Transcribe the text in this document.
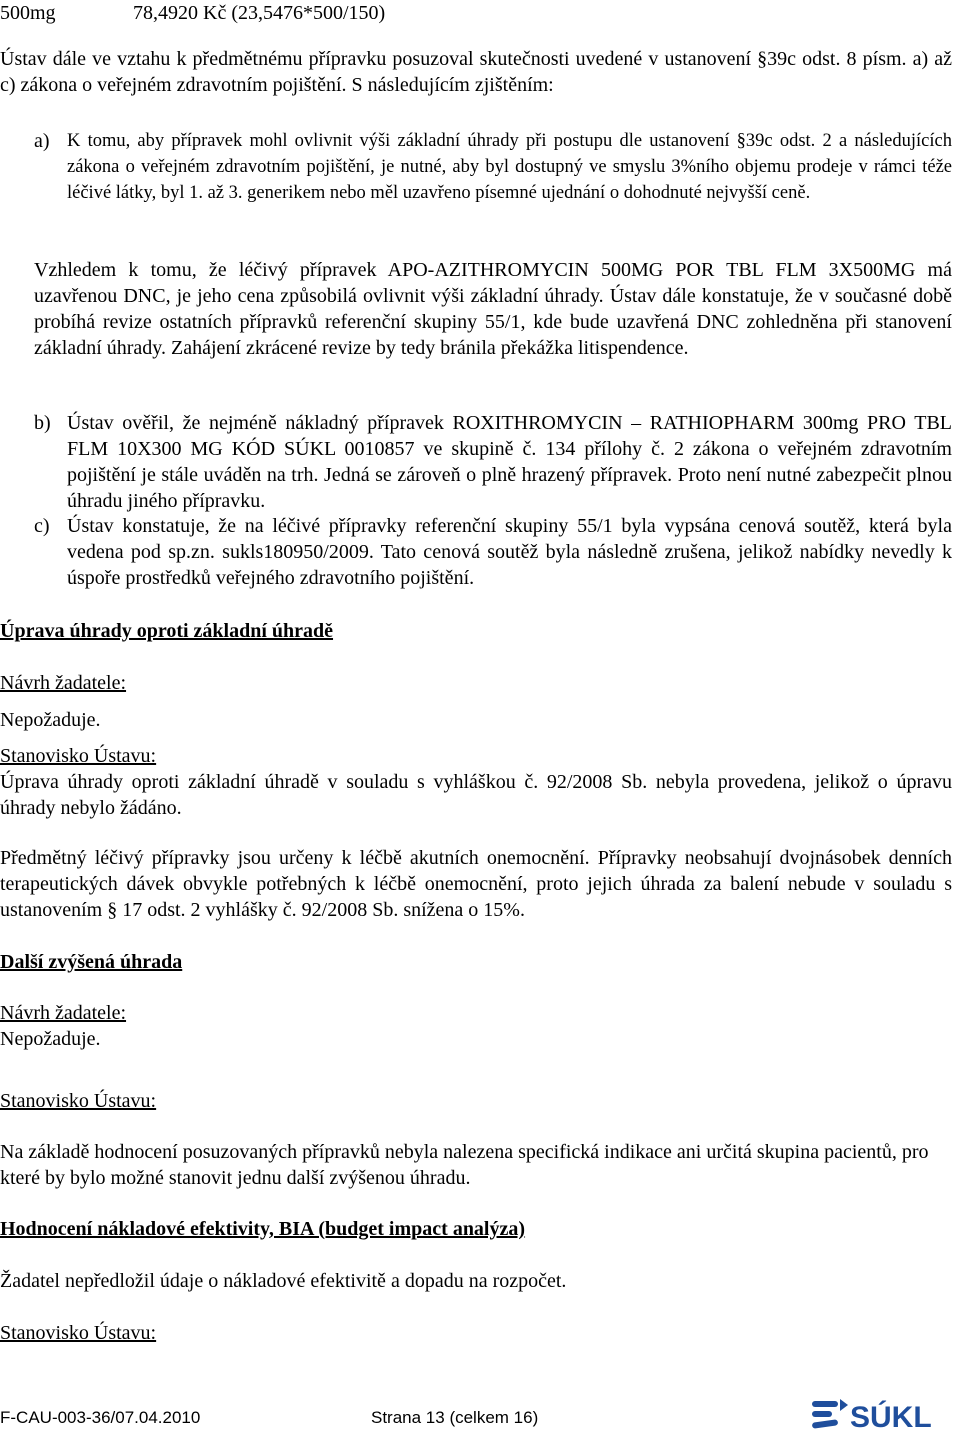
500mg	78,4920 Kč (23,5476*500/150)
Ústav dále ve vztahu k předmětnému přípravku posuzoval skutečnosti uvedené v ustanovení §39c odst. 8 písm. a) až c) zákona o veřejném zdravotním pojištění. S následujícím zjištěním:
a) K tomu, aby přípravek mohl ovlivnit výši základní úhrady při postupu dle ustanovení §39c odst. 2 a následujících zákona o veřejném zdravotním pojištění, je nutné, aby byl dostupný ve smyslu 3%ního objemu prodeje v rámci téže léčivé látky, byl 1. až 3. generikem nebo měl uzavřeno písemné ujednání o dohodnuté nejvyšší ceně.
Vzhledem k tomu, že léčivý přípravek APO-AZITHROMYCIN 500MG POR TBL FLM 3X500MG má uzavřenou DNC, je jeho cena způsobilá ovlivnit výši základní úhrady. Ústav dále konstatuje, že v současné době probíhá revize ostatních přípravků referenční skupiny 55/1, kde bude uzavřená DNC zohledněna při stanovení základní úhrady. Zahájení zkrácené revize by tedy bránila překážka litispendence.
b) Ústav ověřil, že nejméně nákladný přípravek ROXITHROMYCIN – RATHIOPHARM 300mg PRO TBL FLM 10X300 MG KÓD SÚKL 0010857 ve skupině č. 134 přílohy č. 2 zákona o veřejném zdravotním pojištění je stále uváděn na trh. Jedná se zároveň o plně hrazený přípravek. Proto není nutné zabezpečit plnou úhradu jiného přípravku.
c) Ústav konstatuje, že na léčivé přípravky referenční skupiny 55/1 byla vypsána cenová soutěž, která byla vedena pod sp.zn. sukls180950/2009. Tato cenová soutěž byla následně zrušena, jelikož nabídky nevedly k úspoře prostředků veřejného zdravotního pojištění.
Úprava úhrady oproti základní úhradě
Návrh žadatele:
Nepožaduje.
Stanovisko Ústavu:
Úprava úhrady oproti základní úhradě v souladu s vyhláškou č. 92/2008 Sb. nebyla provedena, jelikož o úpravu úhrady nebylo žádáno.
Předmětný léčivý přípravky jsou určeny k léčbě akutních onemocnění. Přípravky neobsahují dvojnásobek denních terapeutických dávek obvykle potřebných k léčbě onemocnění, proto jejich úhrada za balení nebude v souladu s ustanovením § 17 odst. 2 vyhlášky č. 92/2008 Sb. snížena o 15%.
Další zvýšená úhrada
Návrh žadatele:
Nepožaduje.
Stanovisko Ústavu:
Na základě hodnocení posuzovaných přípravků nebyla nalezena specifická indikace ani určitá skupina pacientů, pro které by bylo možné stanovit jednu další zvýšenou úhradu.
Hodnocení nákladové efektivity, BIA (budget impact analýza)
Žadatel nepředložil údaje o nákladové efektivitě a dopadu na rozpočet.
Stanovisko Ústavu:
F-CAU-003-36/07.04.2010	Strana 13 (celkem 16)	SÚKL
